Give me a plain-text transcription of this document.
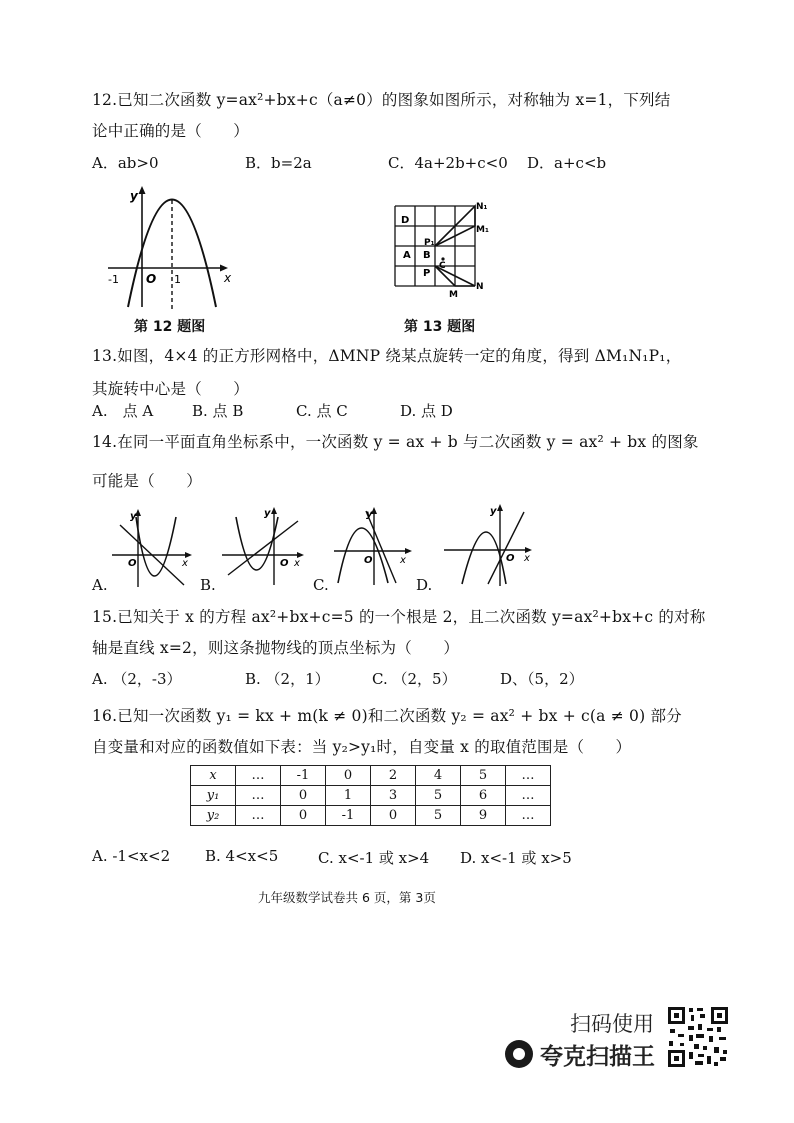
12.已知二次函数 y=ax²+bx+c（a≠0）的图象如图所示，对称轴为 x=1，下列结
论中正确的是（　　）
A．ab>0	B．b=2a	C．4a+2b+c<0 D．a+c<b
y
x
O
-1	1
第 12 题图
D
A B
C
P
M
N
P₁
N₁
M₁
第 13 题图
13.如图，4×4 的正方形网格中，ΔMNP 绕某点旋转一定的角度，得到 ΔM₁N₁P₁，
其旋转中心是（　　）
A.　点 A	B. 点 B	C. 点 C	D. 点 D
14.在同一平面直角坐标系中，一次函数 y = ax + b 与二次函数 y = ax² + bx 的图象
可能是（　　）
y
O	x
A.
y
O x
B.
y
O	x
C.
y
O x
D.
15.已知关于 x 的方程 ax²+bx+c=5 的一个根是 2，且二次函数 y=ax²+bx+c 的对称
轴是直线 x=2，则这条抛物线的顶点坐标为（　　）
A. （2，-3）	B. （2，1）	C. （2，5）	D、（5，2）
16.已知一次函数 y₁ = kx + m(k ≠ 0)和二次函数 y₂ = ax² + bx + c(a ≠ 0) 部分
自变量和对应的函数值如下表：当 y₂>y₁时，自变量 x 的取值范围是（　　）
x	…	-1	0	2	4	5	…
y₁	…	0	1	3	5	6	…
y₂	…	0	-1	0	5	9	…
A. -1<x<2 B. 4<x<5	C. x<-1 或 x>4 D. x<-1 或 x>5
九年级数学试卷共 6 页，第 3页
扫码使用
夸克扫描王
